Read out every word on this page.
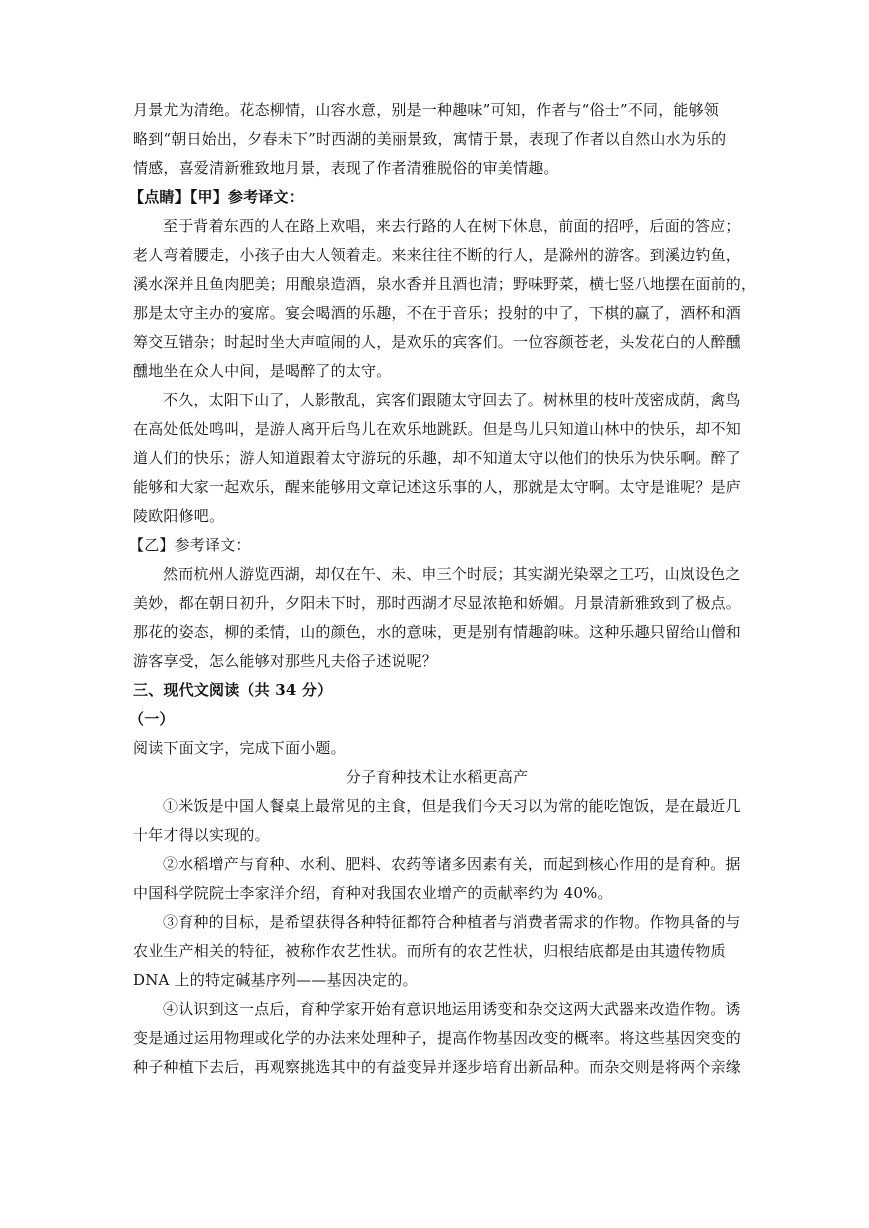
月景尤为清绝。花态柳情，山容水意，别是一种趣味”可知，作者与“俗士”不同，能够领
略到“朝日始出，夕春未下”时西湖的美丽景致，寓情于景，表现了作者以自然山水为乐的
情感，喜爱清新雅致地月景，表现了作者清雅脱俗的审美情趣。
【点睛】【甲】参考译文：
至于背着东西的人在路上欢唱，来去行路的人在树下休息，前面的招呼，后面的答应；
老人弯着腰走，小孩子由大人领着走。来来往往不断的行人，是滁州的游客。到溪边钓鱼，
溪水深并且鱼肉肥美；用酿泉造酒，泉水香并且酒也清；野味野菜，横七竖八地摆在面前的，
那是太守主办的宴席。宴会喝酒的乐趣，不在于音乐；投射的中了，下棋的赢了，酒杯和酒
筹交互错杂；时起时坐大声喧闹的人，是欢乐的宾客们。一位容颜苍老，头发花白的人醉醺
醺地坐在众人中间，是喝醉了的太守。
不久，太阳下山了，人影散乱，宾客们跟随太守回去了。树林里的枝叶茂密成荫，禽鸟
在高处低处鸣叫，是游人离开后鸟儿在欢乐地跳跃。但是鸟儿只知道山林中的快乐，却不知
道人们的快乐；游人知道跟着太守游玩的乐趣，却不知道太守以他们的快乐为快乐啊。醉了
能够和大家一起欢乐，醒来能够用文章记述这乐事的人，那就是太守啊。太守是谁呢？是庐
陵欧阳修吧。
【乙】参考译文：
然而杭州人游览西湖，却仅在午、未、申三个时辰；其实湖光染翠之工巧，山岚设色之
美妙，都在朝日初升，夕阳未下时，那时西湖才尽显浓艳和娇媚。月景清新雅致到了极点。
那花的姿态，柳的柔情，山的颜色，水的意味，更是别有情趣韵味。这种乐趣只留给山僧和
游客享受，怎么能够对那些凡夫俗子述说呢？
三、现代文阅读（共 34 分）
（一）
阅读下面文字，完成下面小题。
分子育种技术让水稻更高产
①米饭是中国人餐桌上最常见的主食，但是我们今天习以为常的能吃饱饭，是在最近几
十年才得以实现的。
②水稻增产与育种、水利、肥料、农药等诸多因素有关，而起到核心作用的是育种。据
中国科学院院士李家洋介绍，育种对我国农业增产的贡献率约为 40%。
③育种的目标，是希望获得各种特征都符合种植者与消费者需求的作物。作物具备的与
农业生产相关的特征，被称作农艺性状。而所有的农艺性状，归根结底都是由其遗传物质
DNA 上的特定碱基序列——基因决定的。
④认识到这一点后，育种学家开始有意识地运用诱变和杂交这两大武器来改造作物。诱
变是通过运用物理或化学的办法来处理种子，提高作物基因改变的概率。将这些基因突变的
种子种植下去后，再观察挑选其中的有益变异并逐步培育出新品种。而杂交则是将两个亲缘
